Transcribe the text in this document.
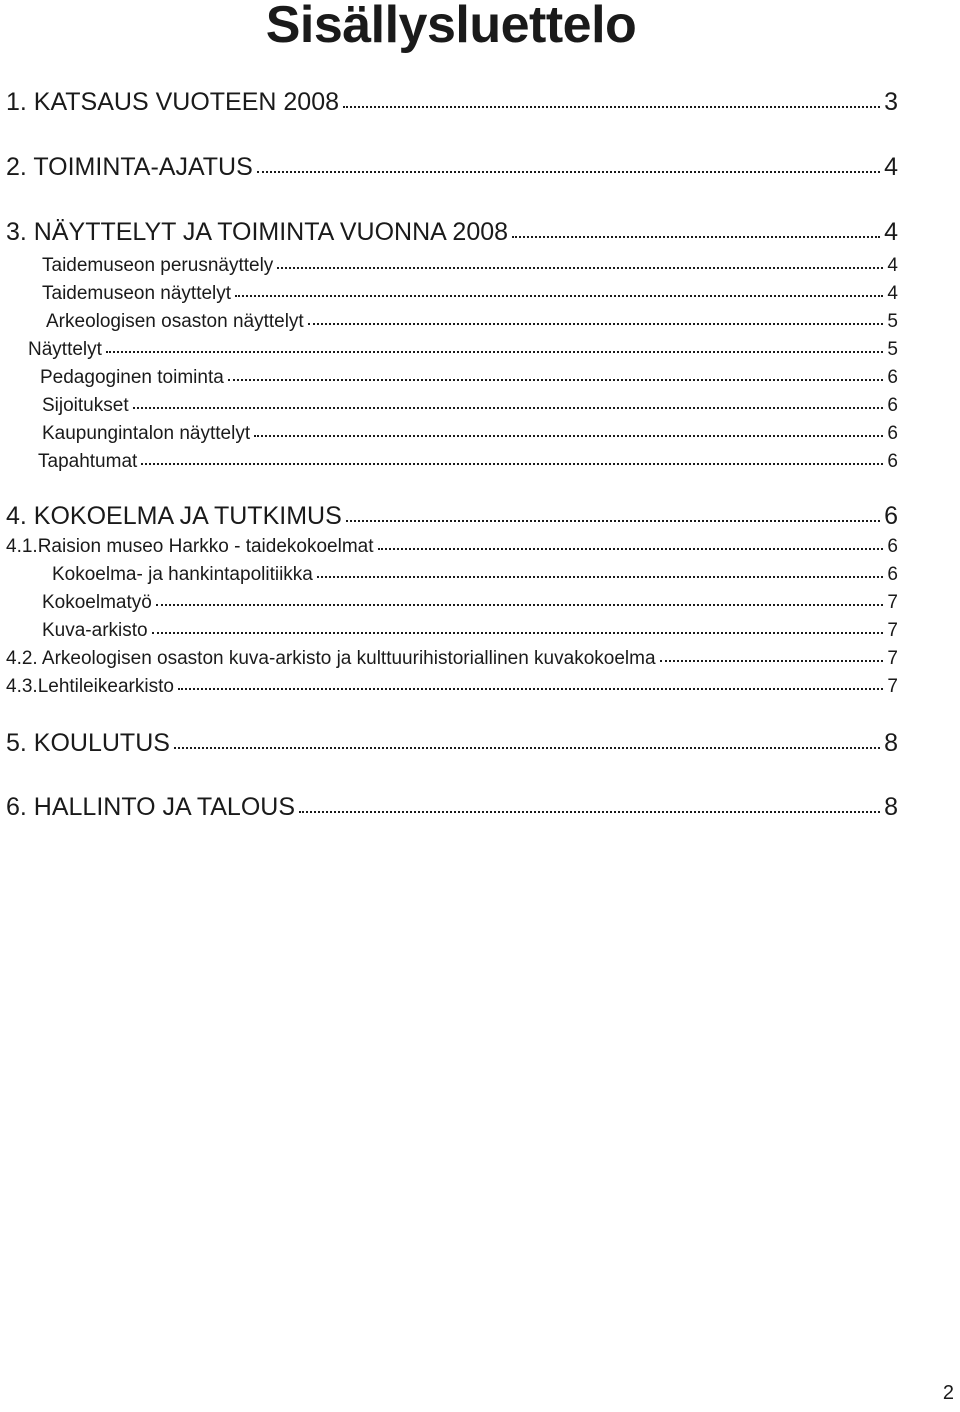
Sisällysluettelo
1. KATSAUS VUOTEEN 2008	3
2. TOIMINTA-AJATUS	4
3. NÄYTTELYT JA TOIMINTA VUONNA 2008	4
Taidemuseon perusnäyttely	4
Taidemuseon näyttelyt	4
Arkeologisen osaston näyttelyt	5
Näyttelyt	5
Pedagoginen toiminta	6
Sijoitukset	6
Kaupungintalon näyttelyt	6
Tapahtumat	6
4. KOKOELMA JA TUTKIMUS	6
4.1.Raision museo Harkko - taidekokoelmat	6
Kokoelma- ja hankintapolitiikka	6
Kokoelmatyö	7
Kuva-arkisto	7
4.2. Arkeologisen osaston kuva-arkisto ja kulttuurihistoriallinen kuvakokoelma	7
4.3.Lehtileikearkisto	7
5. KOULUTUS	8
6. HALLINTO JA TALOUS	8
2
